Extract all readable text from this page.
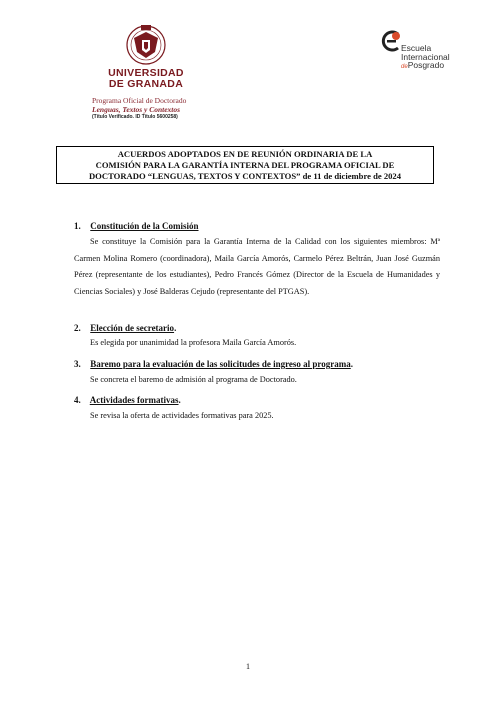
UNIVERSIDAD
DE GRANADA
Programa Oficial de Doctorado
Lenguas, Textos y Contextos
(Título Verificado. ID Título 5600258)
Escuela
Internacional
dePosgrado
ACUERDOS ADOPTADOS EN DE REUNIÓN ORDINARIA DE LA
COMISIÓN PARA LA GARANTÍA INTERNA DEL PROGRAMA OFICIAL DE
DOCTORADO “LENGUAS, TEXTOS Y CONTEXTOS” de 11 de diciembre de 2024
1. Constitución de la Comisión
Se constituye la Comisión para la Garantía Interna de la Calidad con los siguientes miembros: Mª Carmen Molina Romero (coordinadora), Maila García Amorós, Carmelo Pérez Beltrán, Juan José Guzmán Pérez (representante de los estudiantes), Pedro Francés Gómez (Director de la Escuela de Humanidades y Ciencias Sociales) y José Balderas Cejudo (representante del PTGAS).
2. Elección de secretario.
Es elegida por unanimidad la profesora Maila García Amorós.
3. Baremo para la evaluación de las solicitudes de ingreso al programa.
Se concreta el baremo de admisión al programa de Doctorado.
4. Actividades formativas.
Se revisa la oferta de actividades formativas para 2025.
1
